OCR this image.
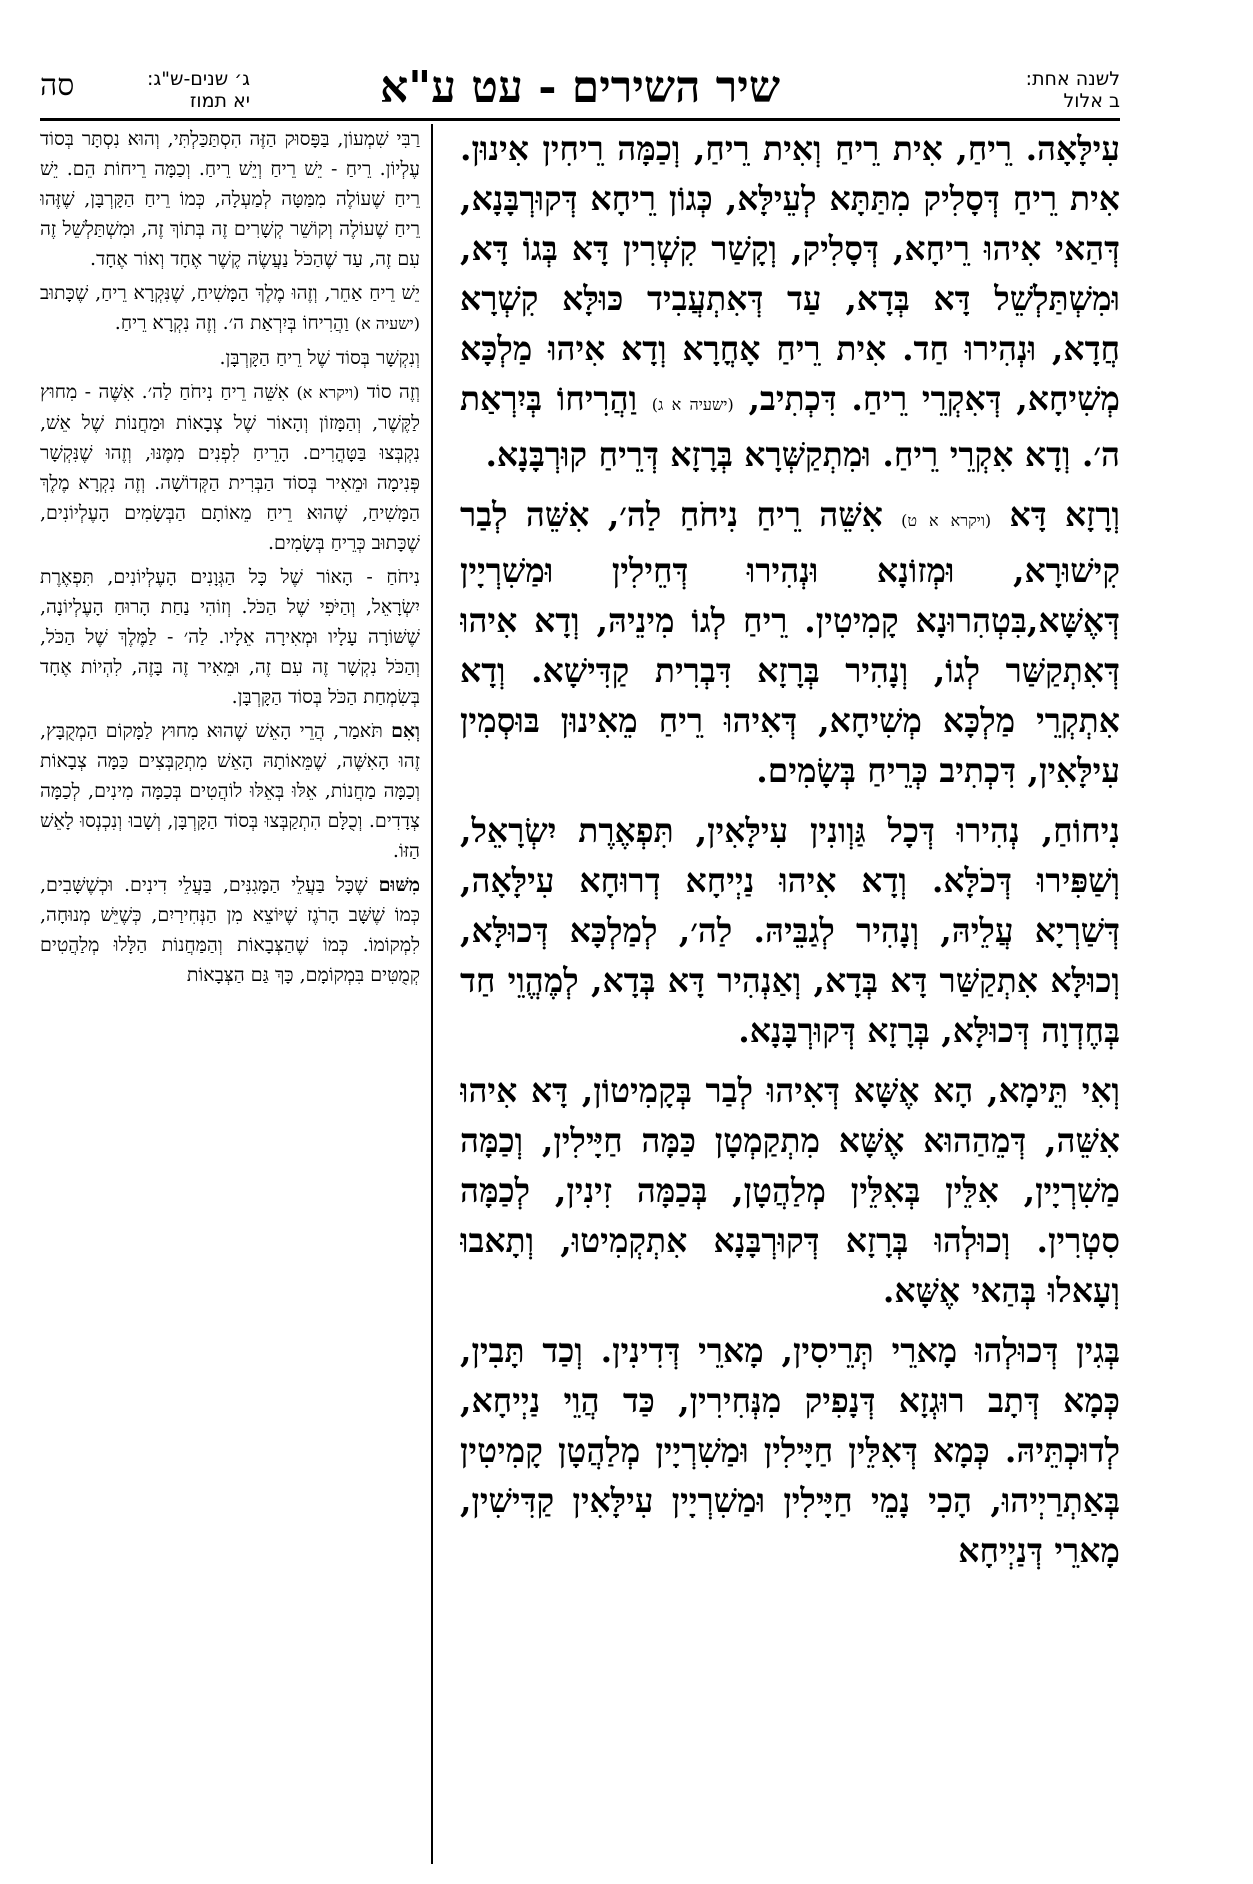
לשנה אחת:
ב אלול
שיר השירים - עט ע"א
ג׳ שנים-ש"ג:
יא תמוז
סה

עִילָּאָה. רֵיחַ, אִית רֵיחַ וְאִית רֵיחַ, וְכַמָּה רֵיחִין אִינוּן. אִית רֵיחַ דְּסָלִיק מִתַּתָּא לְעֵילָּא, כְּגוֹן רֵיחָא דְּקוּרְבָּנָא, דְּהַאי אִיהוּ רֵיחָא, דְּסָלִיק, וְקָשַׁר קִשְׁרִין דָּא בְּגוֹ דָּא, וּמִשְׁתַּלְשֵׁל דָּא בְּדָא, עַד דְּאִתְעֲבִיד כּוּלָּא קִשְׁרָא חֲדָא, וּנְהִירוּ חַד. אִית רֵיחַ אָחֳרָא וְדָא אִיהוּ מַלְכָּא מְשִׁיחָא, דְּאִקְרֵי רֵיחַ. דִּכְתִיב, (ישעיה א ג) וַהֲרִיחוֹ בְּיִרְאַת ה׳. וְדָא אִקְרֵי רֵיחַ. וּמִתְקַשְּׁרָא בְּרָזָא דְּרֵיחַ קוּרְבָּנָא.

וְרָזָא דָּא (ויקרא א ט) אִשֵּׁה רֵיחַ נִיחֹחַ לַה׳, אִשֵּׁה לְבַר קִישׁוּרָא, וּמְזוֹנָא וּנְהִירוּ דְּחֵילִין וּמַשִׁרְיָין דְּאֶשָּׁא,בִּטְהִרוּנָא קָמִיטִין. רֵיחַ לְגוֹ מִינֵיהּ, וְדָא אִיהוּ דְּאִתְקַשַּׁר לְגוֹ, וְנָהִיר בְּרָזָא דִּבְרִית קַדִּישָׁא. וְדָא אִתְקְרֵי מַלְכָּא מְשִׁיחָא, דְּאִיהוּ רֵיחַ מֵאִינוּן בּוּסְמִין עִילָּאִין, דִּכְתִיב כְּרֵיחַ בְּשָׂמִים.

נִיחוֹחַ, נְהִירוּ דְּכָל גַּוְונִין עִילָּאִין, תִּפְאֶרֶת יִשְׂרָאֵל, וְשַׁפִּירוּ דְּכֹלָּא. וְדָא אִיהוּ נַיְיחָא דְרוּחָא עִילָּאָה, דְּשַׁרְיָא עֲלֵיהּ, וְנָהִיר לְגַבֵּיהּ. לַה׳, לְמַלְכָּא דְּכוּלָּא, וְכוּלָּא אִתְקַשַּׁר דָּא בְּדָא, וְאַנְהִיר דָּא בְּדָא, לְמֶהֱוֵי חַד בְּחֶדְוָה דְּכוּלָּא, בְּרָזָא דְּקוּרְבָּנָא.

וְאִי תֵּימָא, הָא אֶשָּׁא דְּאִיהוּ לְבַר בְּקָמִיטוֹן, דָּא אִיהוּ אִשֵּׁה, דְּמֵהַהוּא אֶשָּׁא מִתְקַמְטָן כַּמָּה חַיָּילִין, וְכַמָּה מַשִׁרְיָין, אִלֵּין בְּאִלֵּין מְלַהֲטָן, בְּכַמָּה זִינִין, לְכַמָּה סִטְרִין. וְכוּלְהוּ בְּרָזָא דְּקוּרְבָּנָא אִתְקְמִיטוּ, וְתָאבוּ וְעָאלוּ בְּהַאי אֶשָּׁא.

בְּגִין דְּכוּלְהוּ מָארֵי תְּרֵיסִין, מָארֵי דְּדִינִין. וְכַד תָּבִין, כְּמָא דְּתָב רוּגְזָא דְּנָפִיק מִנְּחִירִין, כַּד הֲוֵי נַיְיחָא, לְדוּכְתֵּיהּ. כְּמָא דְּאִלֵּין חַיָּילִין וּמַשִׁרְיָין מְלַהֲטָן קָמִיטִין בְּאַתְרַיְיהוּ, הָכִי נָמֵי חַיָּילִין וּמַשִׁרְיָין עִילָּאִין קַדִּישִׁין, מָארֵי דְּנַיְיחָא

רַבִּי שִׁמְעוֹן, בַּפָּסוּק הַזֶּה הִסְתַּכַּלְתִּי, וְהוּא נִסְתָּר בְּסוֹד עֶלְיוֹן. רֵיחַ - יֵשׁ רֵיחַ וְיֵשׁ רֵיחַ. וְכַמָּה רֵיחוֹת הֵם. יֵשׁ רֵיחַ שֶׁעוֹלֶה מִמַּטָּה לְמַעְלָה, כְּמוֹ רֵיחַ הַקָּרְבָּן, שֶׁזֶּהוּ רֵיחַ שֶׁעוֹלֶה וְקוֹשֵׁר קְשָׁרִים זֶה בְּתוֹךְ זֶה, וּמִשְׁתַּלְשֵׁל זֶה עִם זֶה, עַד שֶׁהַכֹּל נַעֲשֶׂה קֶשֶׁר אֶחָד וְאוֹר אֶחָד.

יֵשׁ רֵיחַ אַחֵר, וְזֶהוּ מֶלֶךְ הַמָּשִׁיחַ, שֶׁנִּקְרָא רֵיחַ, שֶׁכָּתוּב (ישעיה א) וַהֲרִיחוֹ בְּיִרְאַת ה׳. וְזֶה נִקְרָא רֵיחַ.

וְנִקְשָׁר בְּסוֹד שֶׁל רֵיחַ הַקָּרְבָּן.

וְזֶה סוֹד (ויקרא א) אִשֵּׁה רֵיחַ נִיחֹחַ לַה׳. אִשֶּׁה - מִחוּץ לַקֶּשֶׁר, וְהַמָּזוֹן וְהָאוֹר שֶׁל צְבָאוֹת וּמַחֲנוֹת שֶׁל אֵשׁ, נִקְבְּצוּ בַּטָּהֳרִים. הָרֵיחַ לִפְנִים מִמֶּנּוּ, וְזֶהוּ שֶׁנִּקְשָׁר פְּנִימָה וּמֵאִיר בְּסוֹד הַבְּרִית הַקְּדוֹשָׁה. וְזֶה נִקְרָא מֶלֶךְ הַמָּשִׁיחַ, שֶׁהוּא רֵיחַ מֵאוֹתָם הַבְּשָׂמִים הָעֶלְיוֹנִים, שֶׁכָּתוּב כְּרֵיחַ בְּשָׂמִים.

נִיחֹחַ - הָאוֹר שֶׁל כָּל הַגְּוָנִים הָעֶלְיוֹנִים, תִּפְאֶרֶת יִשְׂרָאֵל, וְהַיֹּפִי שֶׁל הַכֹּל. וְזוֹהִי נַחַת הָרוּחַ הָעֶלְיוֹנָה, שֶׁשּׁוֹרָה עָלָיו וּמְאִירָה אֵלָיו. לַה׳ - לַמֶּלֶךְ שֶׁל הַכֹּל, וְהַכֹּל נִקְשָׁר זֶה עִם זֶה, וּמֵאִיר זֶה בָּזֶה, לִהְיוֹת אֶחָד בְּשִׂמְחַת הַכֹּל בְּסוֹד הַקָּרְבָּן.

וְאִם תֹּאמַר, הֲרֵי הָאֵשׁ שֶׁהוּא מִחוּץ לַמָּקוֹם הַמְקֻבָּץ, זֶהוּ הָאִשֶּׁה, שֶׁמֵּאוֹתָהּ הָאֵשׁ מִתְקַבְּצִים כַּמָּה צְבָאוֹת וְכַמָּה מַחֲנוֹת, אֵלּוּ בְּאֵלּוּ לוֹהֲטִים בְּכַמָּה מִינִים, לְכַמָּה צְדָדִים. וְכֻלָּם הִתְקַבְּצוּ בְּסוֹד הַקָּרְבָּן, וְשָׁבוּ וְנִכְנְסוּ לָאֵשׁ הַזּוֹ.

מִשּׁוּם שֶׁכָּל בַּעֲלֵי הַמָּגִנִּים, בַּעֲלֵי דִינִים. וּכְשֶׁשָּׁבִים, כְּמוֹ שֶׁשָּׁב הָרֹגֶז שֶׁיּוֹצֵא מִן הַנְּחִירַיִם, כְּשֶׁיֵּשׁ מְנוּחָה, לִמְקוֹמוֹ. כְּמוֹ שֶׁהַצְּבָאוֹת וְהַמַּחֲנוֹת הַלָּלוּ מְלַהֲטִים קְמֻטִּים בִּמְקוֹמָם, כָּךְ גַּם הַצְּבָאוֹת
